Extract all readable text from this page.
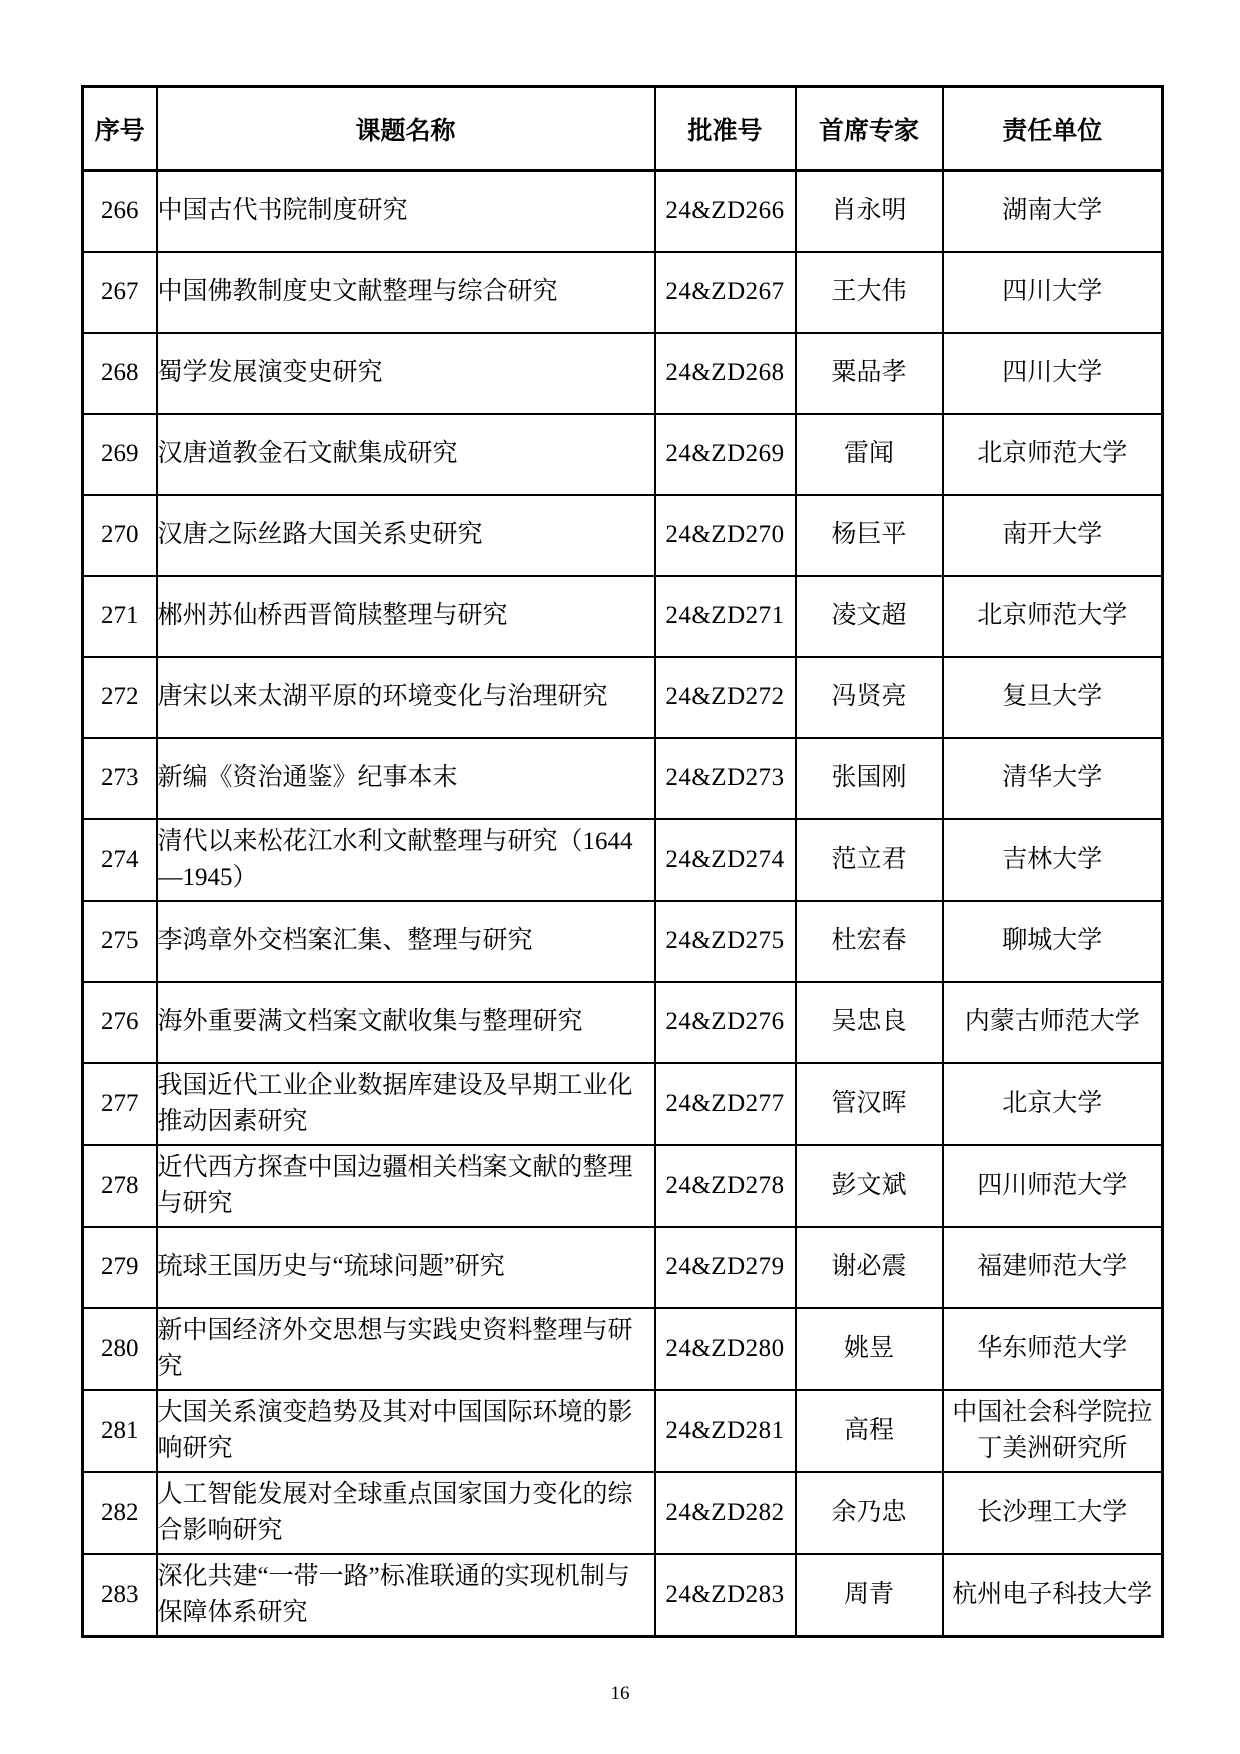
序号	课题名称	批准号	首席专家	责任单位
266	中国古代书院制度研究	24&ZD266	肖永明	湖南大学
267	中国佛教制度史文献整理与综合研究	24&ZD267	王大伟	四川大学
268	蜀学发展演变史研究	24&ZD268	粟品孝	四川大学
269	汉唐道教金石文献集成研究	24&ZD269	雷闻	北京师范大学
270	汉唐之际丝路大国关系史研究	24&ZD270	杨巨平	南开大学
271	郴州苏仙桥西晋简牍整理与研究	24&ZD271	凌文超	北京师范大学
272	唐宋以来太湖平原的环境变化与治理研究	24&ZD272	冯贤亮	复旦大学
273	新编《资治通鉴》纪事本末	24&ZD273	张国刚	清华大学
274	清代以来松花江水利文献整理与研究（1644—1945）	24&ZD274	范立君	吉林大学
275	李鸿章外交档案汇集、整理与研究	24&ZD275	杜宏春	聊城大学
276	海外重要满文档案文献收集与整理研究	24&ZD276	吴忠良	内蒙古师范大学
277	我国近代工业企业数据库建设及早期工业化推动因素研究	24&ZD277	管汉晖	北京大学
278	近代西方探查中国边疆相关档案文献的整理与研究	24&ZD278	彭文斌	四川师范大学
279	琉球王国历史与“琉球问题”研究	24&ZD279	谢必震	福建师范大学
280	新中国经济外交思想与实践史资料整理与研究	24&ZD280	姚昱	华东师范大学
281	大国关系演变趋势及其对中国国际环境的影响研究	24&ZD281	高程	中国社会科学院拉丁美洲研究所
282	人工智能发展对全球重点国家国力变化的综合影响研究	24&ZD282	余乃忠	长沙理工大学
283	深化共建“一带一路”标准联通的实现机制与保障体系研究	24&ZD283	周青	杭州电子科技大学
16
